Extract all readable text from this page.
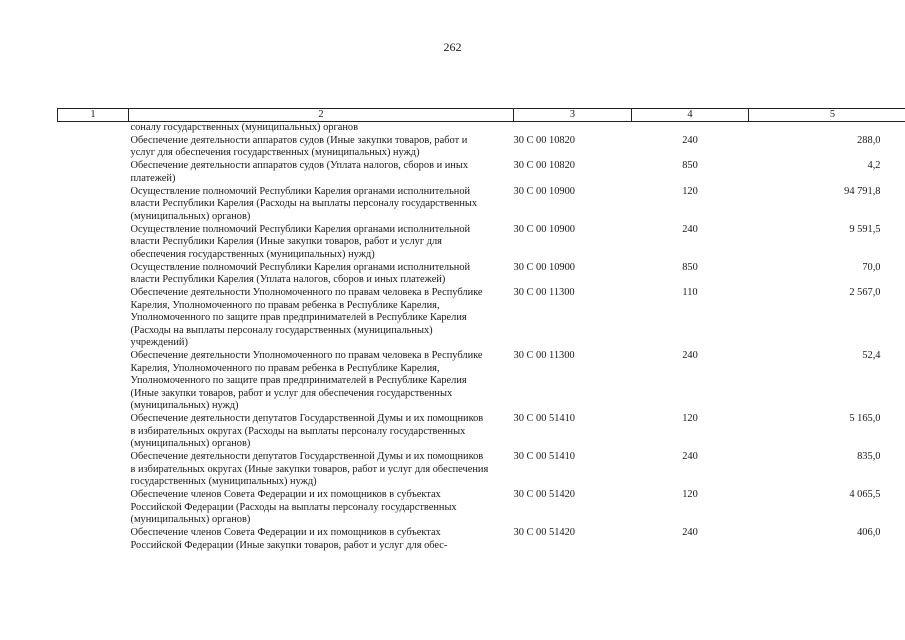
262
1	2	3	4	5

соналу государственных (муниципальных) органов				

Обеспечение деятельности аппаратов судов (Иные закупки товаров, работ и услуг для обеспечения государственных (муниципальных) нужд)		30 С 00 10820	240	288,0

Обеспечение деятельности аппаратов судов (Уплата налогов, сборов и иных платежей)		30 С 00 10820	850	4,2

Осуществление полномочий Республики Карелия органами исполнительной власти Республики Карелия (Расходы на выплаты персоналу государственных (муниципальных) органов)		30 С 00 10900	120	94 791,8

Осуществление полномочий Республики Карелия органами исполнительной власти Республики Карелия (Иные закупки товаров, работ и услуг для обеспечения государственных (муниципальных) нужд)		30 С 00 10900	240	9 591,5

Осуществление полномочий Республики Карелия органами исполнительной власти Республики Карелия (Уплата налогов, сборов и иных платежей)		30 С 00 10900	850	70,0

Обеспечение деятельности Уполномоченного по правам человека в Республике Карелия, Уполномоченного по правам ребенка в Республике Карелия, Уполномоченного по защите прав предпринимателей в Республике Карелия (Расходы на выплаты персоналу государственных (муниципальных) учреждений)		30 С 00 11300	110	2 567,0

Обеспечение деятельности Уполномоченного по правам человека в Республике Карелия, Уполномоченного по правам ребенка в Республике Карелия, Уполномоченного по защите прав предпринимателей в Республике Карелия (Иные закупки товаров, работ и услуг для обеспечения государственных (муниципальных) нужд)		30 С 00 11300	240	52,4

Обеспечение деятельности депутатов Государственной Думы и их помощников в избирательных округах (Расходы на выплаты персоналу государственных (муниципальных) органов)		30 С 00 51410	120	5 165,0

Обеспечение деятельности депутатов Государственной Думы и их помощников в избирательных округах (Иные закупки товаров, работ и услуг для обеспечения государственных (муниципальных) нужд)		30 С 00 51410	240	835,0

Обеспечение членов Совета Федерации и их помощников в субъектах Российской Федерации (Расходы на выплаты персоналу государственных (муниципальных) органов)		30 С 00 51420	120	4 065,5

Обеспечение членов Совета Федерации и их помощников в субъектах Российской Федерации (Иные закупки товаров, работ и услуг для обес-		30 С 00 51420	240	406,0
